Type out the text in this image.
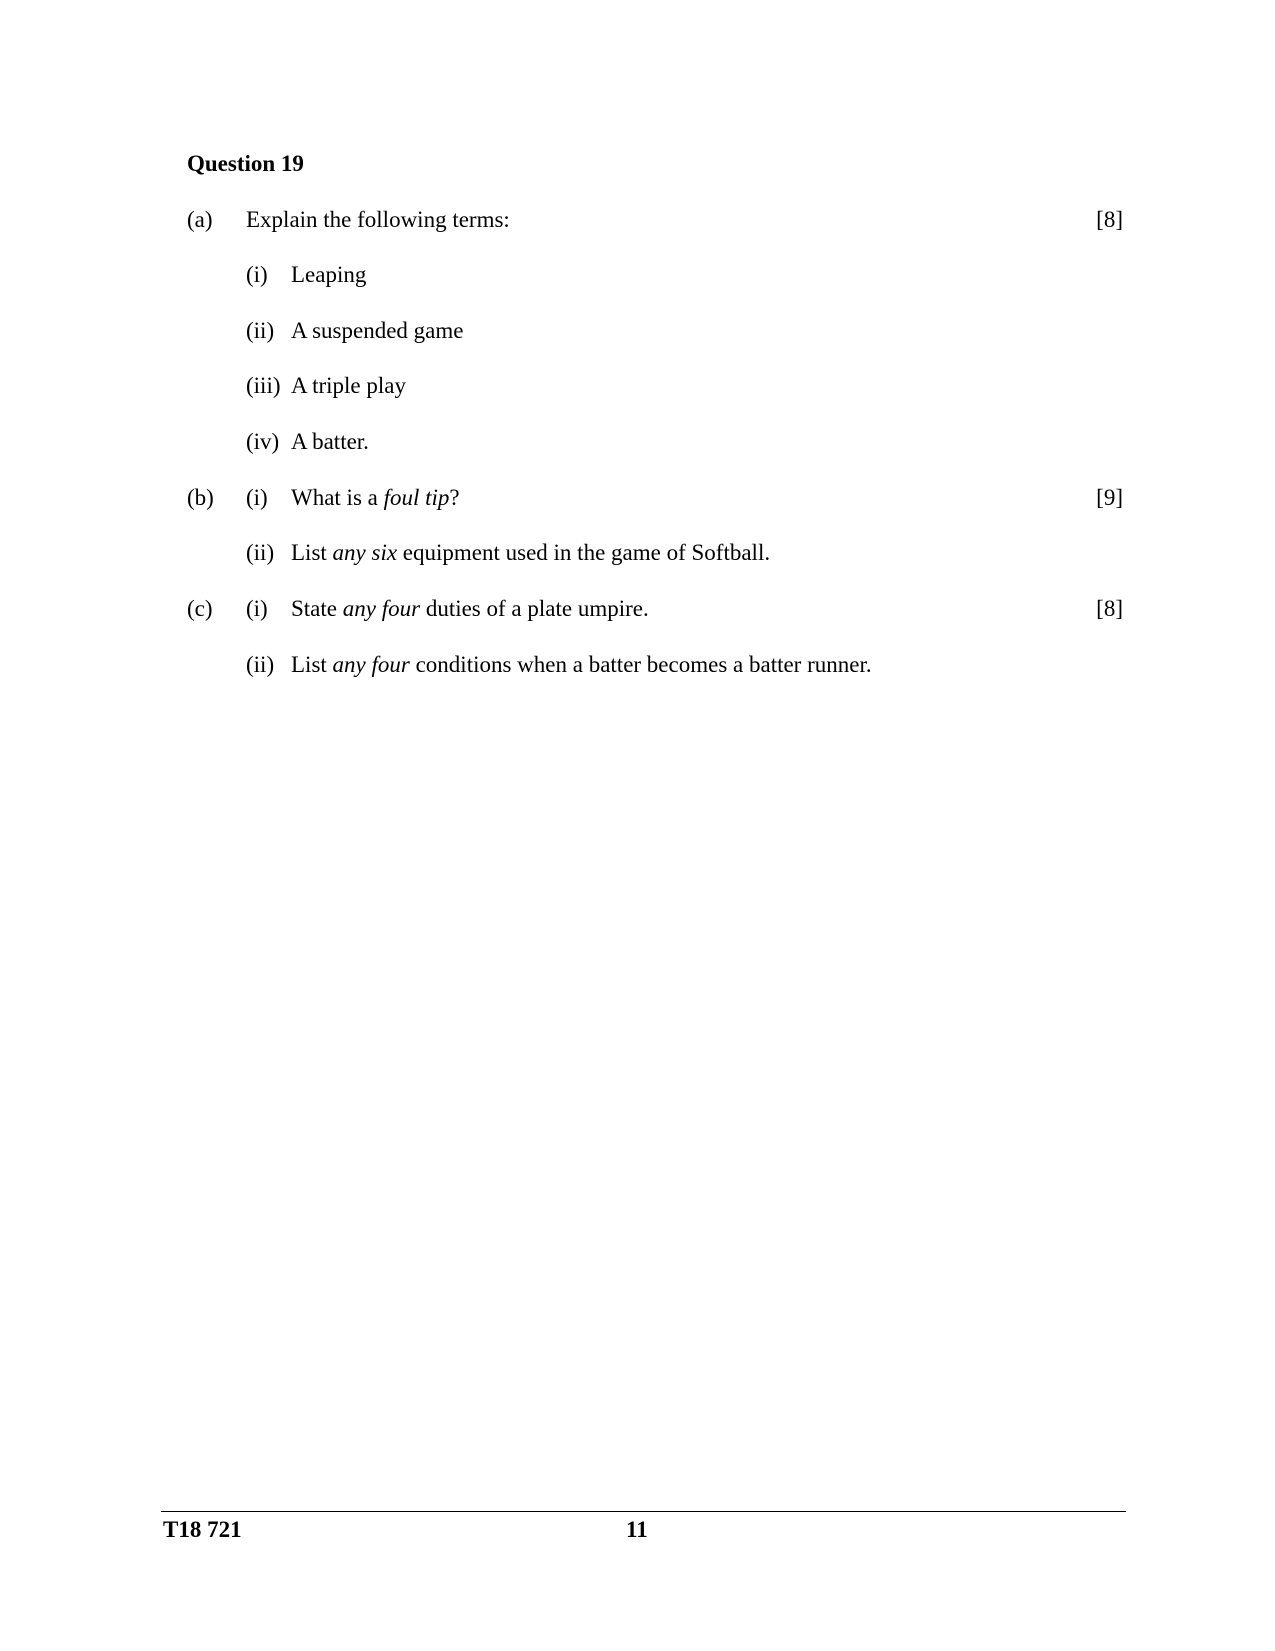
Question 19
(a) Explain the following terms:	[8]
(i) Leaping
(ii) A suspended game
(iii) A triple play
(iv) A batter.
(b) (i) What is a foul tip?	[9]
(ii) List any six equipment used in the game of Softball.
(c) (i) State any four duties of a plate umpire.	[8]
(ii) List any four conditions when a batter becomes a batter runner.
T18 721	11
